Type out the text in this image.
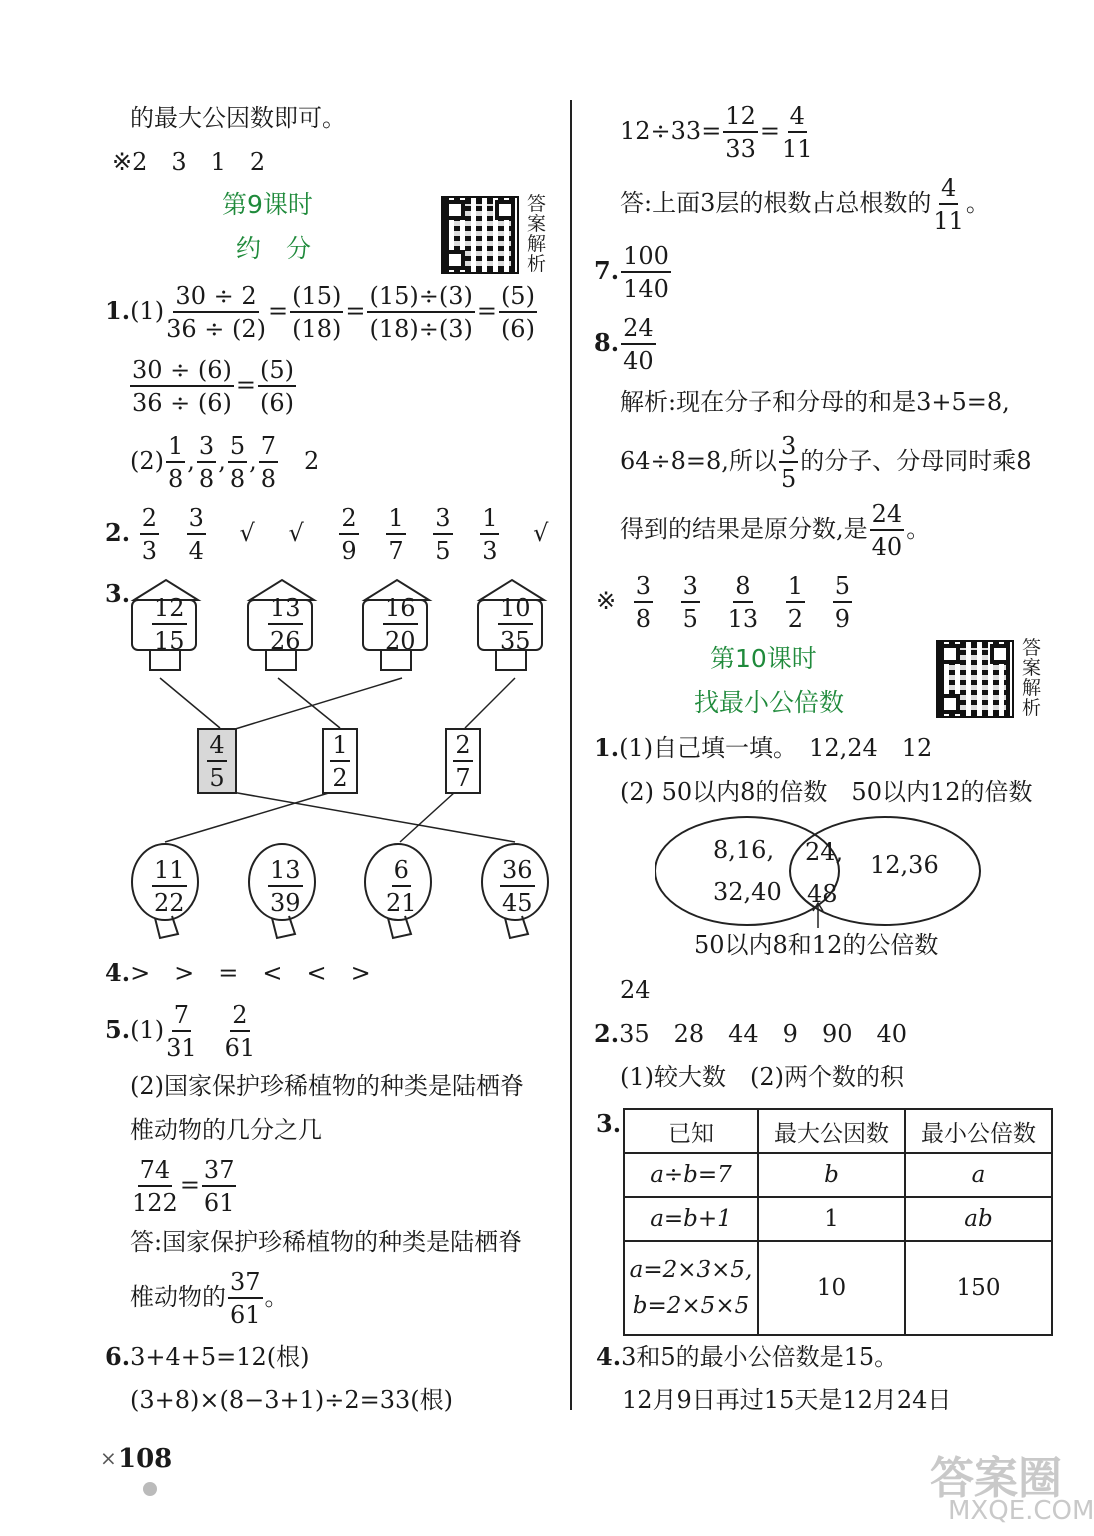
的最大公因数即可。
※2　3　1　2
第9课时
约　分
答案解析
$1.(1) \frac{30 \div 2}{36 \div (2)} = \frac{(15)}{(18)} = \frac{(15)\div(3)}{(18)\div(3)} = \frac{(5)}{(6)}$
$\frac{30 \div (6)}{36 \div (6)} = \frac{(5)}{(6)}$
$(2) \frac{1}{8}$ , $\frac{3}{8}$ , $\frac{5}{8}$ , $\frac{7}{8} 2$
2. $\frac{2}{3}$
$\frac{3}{4}$ √ √ $\frac{2}{9}$
$\frac{1}{7}$
$\frac{3}{5}$
$\frac{1}{3}$ √
3.
$\frac{12}{15}$	$\frac{13}{26}$	$\frac{16}{20}$	$\frac{10}{35}$
$\frac{4}{5}$	$\frac{1}{2}$	$\frac{2}{7}$
$\frac{11}{22}$	$\frac{13}{39}$	$\frac{6}{21}$	$\frac{36}{45}$
4.>　>　=　<　<　>
$5.(1) \frac{7}{31} \frac{2}{61}$
(2)国家保护珍稀植物的种类是陆栖脊
椎动物的几分之几
$\frac{74}{122} = \frac{37}{61}$
答:国家保护珍稀植物的种类是陆栖脊
椎动物的 $\frac{37}{61}$ 。
6.3+4+5=12(根)
(3+8)×(8−3+1)÷2=33(根)
⨯ 108
$12\div 33= \frac{12}{33} = \frac{4}{11}$
答:上面3层的根数占总根数的 $\frac{4}{11}$ 。
7. $\frac{100}{140}$
8. $\frac{24}{40}$
解析:现在分子和分母的和是3+5=8,
64÷8=8,所以 $\frac{3}{5}$ 的分子、分母同时乘8
得到的结果是原分数,是 $\frac{24}{40}$ 。
※ $\frac{3}{8}$
$\frac{3}{5}$
$\frac{8}{13}$
$\frac{1}{2}$
$\frac{5}{9}$
第10课时
找最小公倍数
答案解析
1.(1)自己填一填。　12,24　12
(2) 50以内8的倍数　50以内12的倍数
8,16,
32,40
24,
48
12,36
50以内8和12的公倍数
24
2.35　28　44　9　90　40
(1)较大数　(2)两个数的积
3. 已知	最大公因数	最小公倍数
a÷b=7	b	a
a=b+1	1	ab

a=2×3×5,
b=2×5×5	10	150
4.3和5的最小公倍数是15。
12月9日再过15天是12月24日
答案圈
MXQE.COM
